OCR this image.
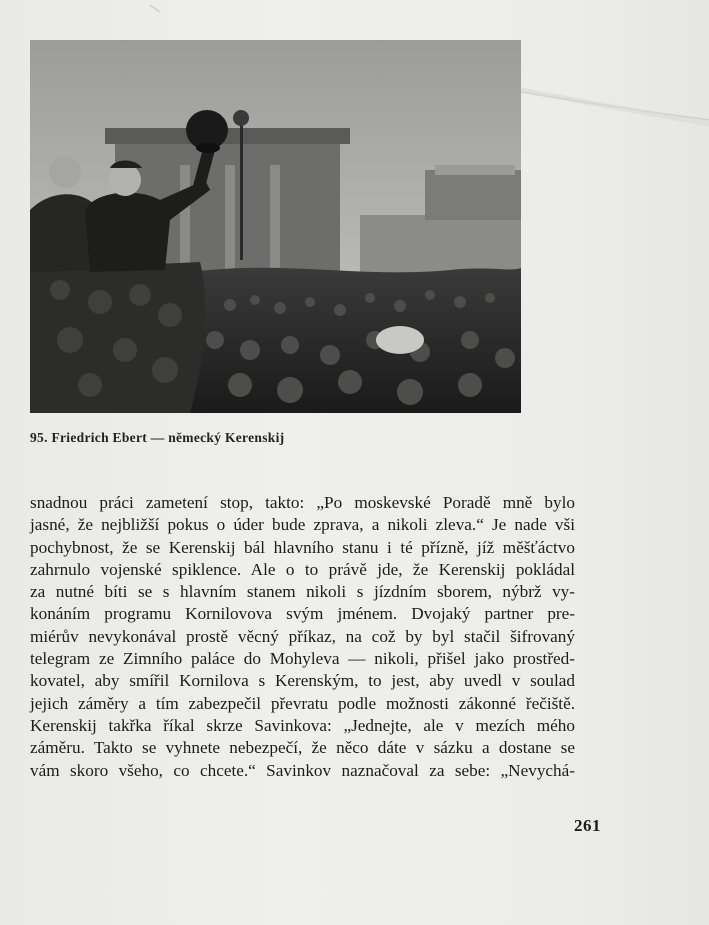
95. Friedrich Ebert — německý Kerenskij
snadnou práci zametení stop, takto: „Po moskevské Poradě mně bylo
jasné, že nejbližší pokus o úder bude zprava, a nikoli zleva.“ Je nade vši
pochybnost, že se Kerenskij bál hlavního stanu i té přízně, jíž měšťáctvo
zahrnulo vojenské spiklence. Ale o to právě jde, že Kerenskij pokládal
za nutné bíti se s hlavním stanem nikoli s jízdním sborem, nýbrž vy-
konáním programu Kornilovova svým jménem. Dvojaký partner pre-
miérův nevykonával prostě věcný příkaz, na což by byl stačil šifrovaný
telegram ze Zimního paláce do Mohyleva — nikoli, přišel jako prostřed-
kovatel, aby smířil Kornilova s Kerenským, to jest, aby uvedl v soulad
jejich záměry a tím zabezpečil převratu podle možnosti zákonné řečiště.
Kerenskij takřka říkal skrze Savinkova: „Jednejte, ale v mezích mého
záměru. Takto se vyhnete nebezpečí, že něco dáte v sázku a dostane se
vám skoro všeho, co chcete.“ Savinkov naznačoval za sebe: „Nevychá-
261
